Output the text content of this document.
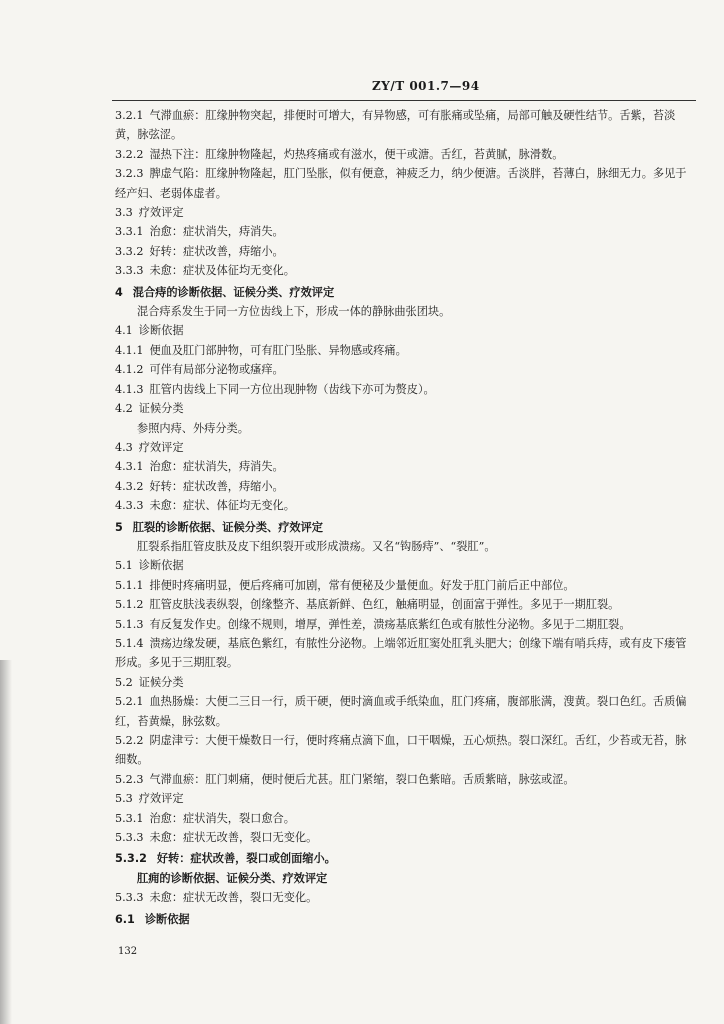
ZY/T 001.7—94

3.2.1 气滞血瘀：肛缘肿物突起，排便时可增大，有异物感，可有胀痛或坠痛，局部可触及硬性结节。舌紫，苔淡黄，脉弦涩。

3.2.2 湿热下注：肛缘肿物隆起，灼热疼痛或有滋水，便干或溏。舌红，苔黄腻，脉滑数。

3.2.3 脾虚气陷：肛缘肿物隆起，肛门坠胀，似有便意，神疲乏力，纳少便溏。舌淡胖，苔薄白，脉细无力。多见于经产妇、老弱体虚者。

3.3 疗效评定

3.3.1 治愈：症状消失，痔消失。

3.3.2 好转：症状改善，痔缩小。

3.3.3 未愈：症状及体征均无变化。

4 混合痔的诊断依据、证候分类、疗效评定

混合痔系发生于同一方位齿线上下，形成一体的静脉曲张团块。

4.1 诊断依据

4.1.1 便血及肛门部肿物，可有肛门坠胀、异物感或疼痛。

4.1.2 可伴有局部分泌物或瘙痒。

4.1.3 肛管内齿线上下同一方位出现肿物（齿线下亦可为赘皮）。

4.2 证候分类

参照内痔、外痔分类。

4.3 疗效评定

4.3.1 治愈：症状消失，痔消失。

4.3.2 好转：症状改善，痔缩小。

4.3.3 未愈：症状、体征均无变化。

5 肛裂的诊断依据、证候分类、疗效评定

肛裂系指肛管皮肤及皮下组织裂开或形成溃疡。又名“钩肠痔”、“裂肛”。

5.1 诊断依据

5.1.1 排便时疼痛明显，便后疼痛可加剧，常有便秘及少量便血。好发于肛门前后正中部位。

5.1.2 肛管皮肤浅表纵裂，创缘整齐、基底新鲜、色红，触痛明显，创面富于弹性。多见于一期肛裂。

5.1.3 有反复发作史。创缘不规则，增厚，弹性差，溃疡基底紫红色或有脓性分泌物。多见于二期肛裂。

5.1.4 溃疡边缘发硬，基底色紫红，有脓性分泌物。上端邻近肛窦处肛乳头肥大；创缘下端有哨兵痔，或有皮下瘘管形成。多见于三期肛裂。

5.2 证候分类

5.2.1 血热肠燥：大便二三日一行，质干硬，便时滴血或手纸染血，肛门疼痛，腹部胀满，溲黄。裂口色红。舌质偏红，苔黄燥，脉弦数。

5.2.2 阴虚津亏：大便干燥数日一行，便时疼痛点滴下血，口干咽燥，五心烦热。裂口深红。舌红，少苔或无苔，脉细数。

5.2.3 气滞血瘀：肛门刺痛，便时便后尤甚。肛门紧缩，裂口色紫暗。舌质紫暗，脉弦或涩。

5.3 疗效评定

5.3.1 治愈：症状消失，裂口愈合。

5.3.3 未愈：症状无改善，裂口无变化。

5.3.2 好转：症状改善，裂口或创面缩小。

肛痈的诊断依据、证候分类、疗效评定

5.3.3 未愈：症状无改善，裂口无变化。

6.1 诊断依据

132
